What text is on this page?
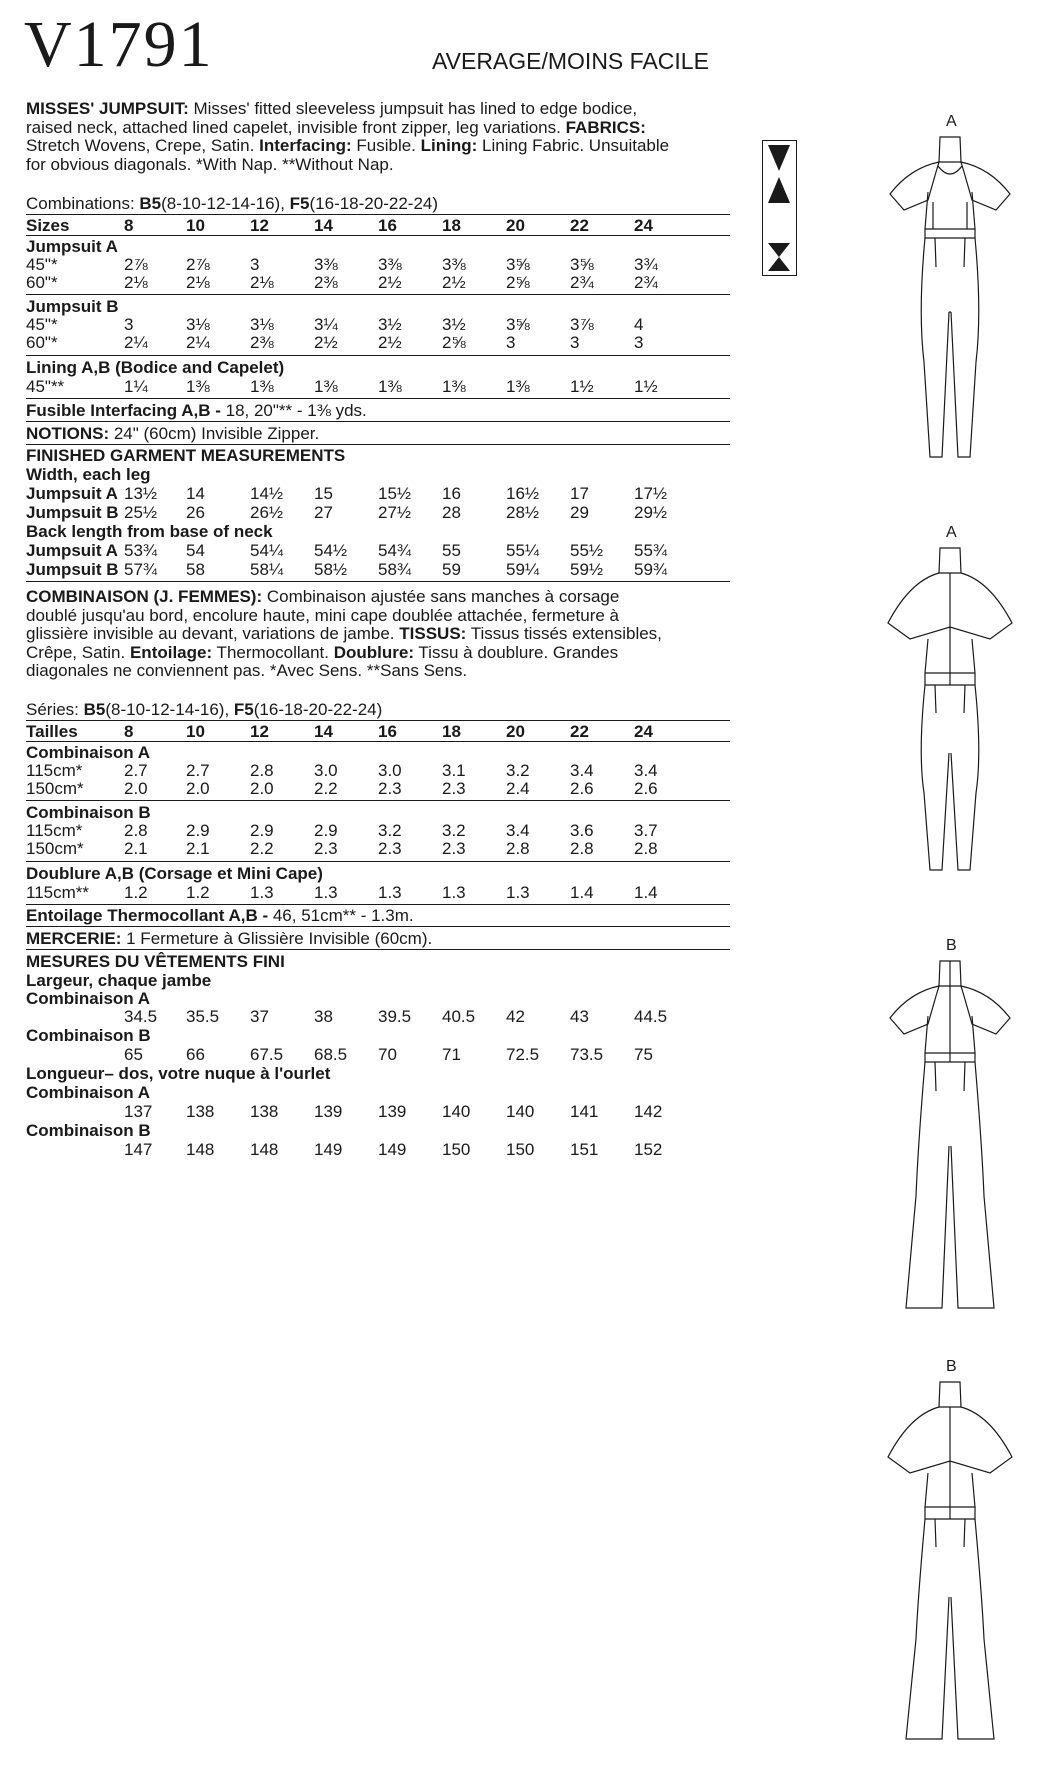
V1791	AVERAGE/MOINS FACILE
MISSES' JUMPSUIT: Misses' fitted sleeveless jumpsuit has lined to edge bodice,
raised neck, attached lined capelet, invisible front zipper, leg variations. FABRICS:
Stretch Wovens, Crepe, Satin. Interfacing: Fusible. Lining: Lining Fabric. Unsuitable
for obvious diagonals. *With Nap. **Without Nap.
Combinations: B5(8-10-12-14-16), F5(16-18-20-22-24)
Sizes	8	10	12	14	16	18	20	22	24
Jumpsuit A
45"*	2⅞ 2⅞ 3	3⅜ 3⅜ 3⅜ 3⅝ 3⅝ 3¾
60"*	2⅛ 2⅛ 2⅛ 2⅜ 2½ 2½ 2⅝ 2¾ 2¾
Jumpsuit B
45"*	3	3⅛ 3⅛ 3¼ 3½ 3½ 3⅝ 3⅞ 4
60"*	2¼ 2¼ 2⅜ 2½ 2½ 2⅝ 3	3	3
Lining A,B (Bodice and Capelet)
45"**	1¼ 1⅜ 1⅜ 1⅜ 1⅜ 1⅜ 1⅜ 1½ 1½
Fusible Interfacing A,B - 18, 20"** - 1⅜ yds.
NOTIONS: 24" (60cm) Invisible Zipper.
FINISHED GARMENT MEASUREMENTS
Width, each leg
Jumpsuit A 13½ 14	14½ 15	15½ 16	16½ 17	17½
Jumpsuit B 25½ 26	26½ 27	27½ 28	28½ 29	29½
Back length from base of neck
Jumpsuit A 53¾ 54	54¼ 54½ 54¾ 55	55¼ 55½ 55¾
Jumpsuit B 57¾ 58	58¼ 58½ 58¾ 59	59¼ 59½ 59¾
COMBINAISON (J. FEMMES): Combinaison ajustée sans manches à corsage
doublé jusqu'au bord, encolure haute, mini cape doublée attachée, fermeture à
glissière invisible au devant, variations de jambe. TISSUS: Tissus tissés extensibles,
Crêpe, Satin. Entoilage: Thermocollant. Doublure: Tissu à doublure. Grandes
diagonales ne conviennent pas. *Avec Sens. **Sans Sens.
Séries: B5(8-10-12-14-16), F5(16-18-20-22-24)
Tailles	8	10	12	14	16	18	20	22	24
Combinaison A
115cm* 2.7 2.7 2.8 3.0 3.0 3.1 3.2 3.4 3.4
150cm* 2.0 2.0 2.0 2.2 2.3 2.3 2.4 2.6 2.6
Combinaison B
115cm* 2.8 2.9 2.9 2.9 3.2 3.2 3.4 3.6 3.7
150cm* 2.1 2.1 2.2 2.3 2.3 2.3 2.8 2.8 2.8
Doublure A,B (Corsage et Mini Cape)
115cm** 1.2 1.2 1.3 1.3 1.3 1.3 1.3 1.4 1.4
Entoilage Thermocollant A,B - 46, 51cm** - 1.3m.
MERCERIE: 1 Fermeture à Glissière Invisible (60cm).
MESURES DU VÊTEMENTS FINI
Largeur, chaque jambe
Combinaison A
34.5 35.5 37	38	39.5 40.5 42	43	44.5
Combinaison B
65	66	67.5 68.5 70	71	72.5 73.5 75
Longueur– dos, votre nuque à l'ourlet
Combinaison A
137 138 138 139 139 140 140 141 142
Combinaison B
147 148 148 149 149 150 150 151 152
A
A
B
B
